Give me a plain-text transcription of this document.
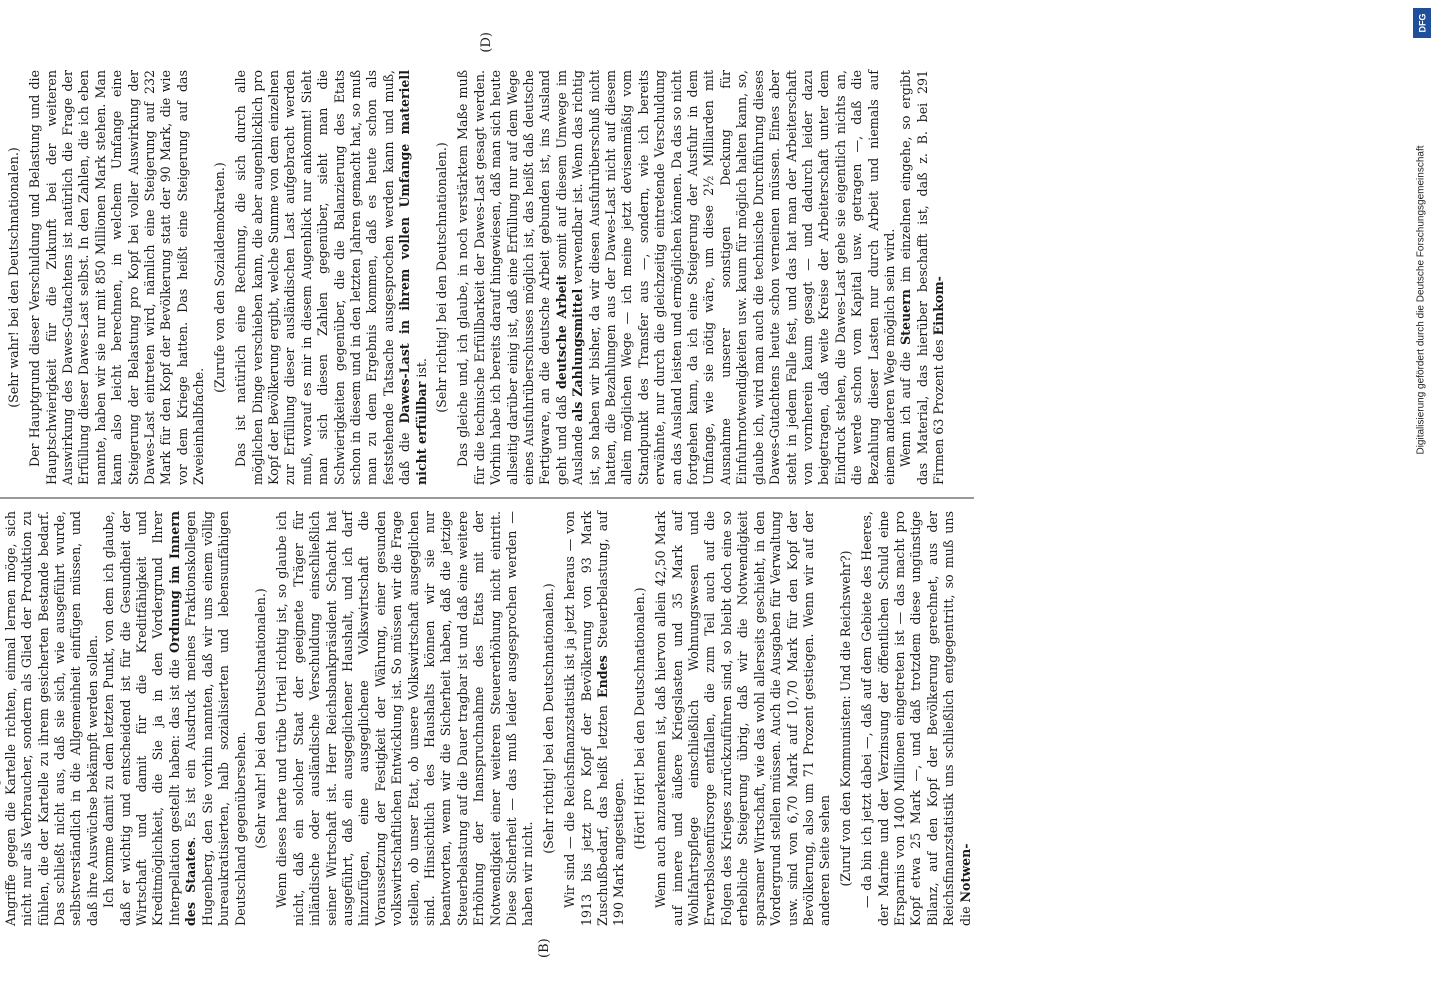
(B)
(D)

Angriffe gegen die Kartelle richten, einmal lernen möge, sich nicht nur als Verbraucher, sondern als Glied der Produktion zu fühlen, die der Kartelle zu ihrem gesicherten Bestande bedarf. Das schließt nicht aus, daß sie sich, wie ausgeführt wurde, selbstverständlich in die Allgemeinheit einfügen müssen, und daß ihre Auswüchse bekämpft werden sollen. Ich komme damit zu dem letzten Punkt, von dem ich glaube, daß er wichtig und entscheidend ist für die Gesundheit der Wirtschaft und damit für die Kreditfähigkeit und Kreditmöglichkeit, die Sie ja in den Vordergrund Ihrer Interpellation gestellt haben: das ist die Ordnung im Innern des Staates. Es ist ein Ausdruck meines Fraktionskollegen Hugenberg, den Sie vorhin nannten, daß wir uns einem völlig bureaukratisierten, halb sozialisierten und lebensunfähigen Deutschland gegenübersehen. (Sehr wahr! bei den Deutschnationalen.) Wenn dieses harte und trübe Urteil richtig ist, so glaube ich nicht, daß ein solcher Staat der geeignete Träger für inländische oder ausländische Verschuldung einschließlich seiner Wirtschaft ist. Herr Reichsbankpräsident Schacht hat ausgeführt, daß ein ausgeglichener Haushalt, und ich darf hinzufügen, eine ausgeglichene Volkswirtschaft die Voraussetzung der Festigkeit der Währung, einer gesunden volkswirtschaftlichen Entwicklung ist. So müssen wir die Frage stellen, ob unser Etat, ob unsere Volkswirtschaft ausgeglichen sind. Hinsichtlich des Haushalts können wir sie nur beantworten, wenn wir die Sicherheit haben, daß die jetzige Steuerbelastung auf die Dauer tragbar ist und daß eine weitere Erhöhung der Inanspruchnahme des Etats mit der Notwendigkeit einer weiteren Steuererhöhung nicht eintritt. Diese Sicherheit — das muß leider ausgesprochen werden — haben wir nicht.

(Sehr richtig! bei den Deutschnationalen.) Wir sind — die Reichsfinanzstatistik ist ja jetzt heraus — von 1913 bis jetzt pro Kopf der Bevölkerung von 93 Mark Zuschußbedarf, das heißt letzten Endes Steuerbelastung, auf 190 Mark angestiegen.

(Hört! Hört! bei den Deutschnationalen.) Wenn auch anzuerkennen ist, daß hiervon allein 42,50 Mark auf innere und äußere Kriegslasten und 35 Mark auf Wohlfahrtspflege einschließlich Wohnungswesen und Erwerbslosenfürsorge entfallen, die zum Teil auch auf die Folgen des Krieges zurückzuführen sind, so bleibt doch eine so erhebliche Steigerung übrig, daß wir die Notwendigkeit sparsamer Wirtschaft, wie das wohl allerseits geschieht, in den Vordergrund stellen müssen. Auch die Ausgaben für Verwaltung usw. sind von 6,70 Mark auf 10,70 Mark für den Kopf der Bevölkerung, also um 71 Prozent gestiegen. Wenn wir auf der anderen Seite sehen (Zuruf von den Kommunisten: Und die Reichswehr?) — da bin ich jetzt dabei —, daß auf dem Gebiete des Heeres, der Marine und der Verzinsung der öffentlichen Schuld eine Ersparnis von 1400 Millionen eingetreten ist — das macht pro Kopf etwa 25 Mark —, und daß trotzdem diese ungünstige Bilanz, auf den Kopf der Bevölkerung gerechnet, aus der Reichsfinanzstatistik uns schließlich entgegentritt, so muß uns die Notwen-

(Sehr wahr! bei den Deutschnationalen.) Der Hauptgrund dieser Verschuldung und Belastung und die Hauptschwierigkeit für die Zukunft bei der weiteren Auswirkung des Dawes-Gutachtens ist natürlich die Frage der Erfüllung dieser Dawes-Last selbst. In den Zahlen, die ich eben nannte, haben wir sie nur mit 850 Millionen Mark stehen. Man kann also leicht berechnen, in welchem Umfange eine Steigerung der Belastung pro Kopf bei voller Auswirkung der Dawes-Last eintreten wird, nämlich eine Steigerung auf 232 Mark für den Kopf der Bevölkerung statt der 90 Mark, die wie vor dem Kriege hatten. Das heißt eine Steigerung auf das Zweieinhalbfache.

(Zurufe von den Sozialdemokraten.) Das ist natürlich eine Rechnung, die sich durch alle möglichen Dinge verschieben kann, die aber augenblicklich pro Kopf der Bevölkerung ergibt, welche Summe von dem einzelnen zur Erfüllung dieser ausländischen Last aufgebracht werden muß, worauf es mir in diesem Augenblick nur ankommt! Sieht man sich diesen Zahlen gegenüber, sieht man die Schwierigkeiten gegenüber, die die Balanzierung des Etats schon in diesem und in den letzten Jahren gemacht hat, so muß man zu dem Ergebnis kommen, daß es heute schon als feststehende Tatsache ausgesprochen werden kann und muß, daß die Dawes-Last in ihrem vollen Umfange materiell nicht erfüllbar ist. (Sehr richtig! bei den Deutschnationalen.) Das gleiche und, ich glaube, in noch verstärktem Maße muß für die technische Erfüllbarkeit der Dawes-Last gesagt werden. Vorhin habe ich bereits darauf hingewiesen, daß man sich heute allseitig darüber einig ist, daß eine Erfüllung nur auf dem Wege eines Ausfuhrüberschusses möglich ist, das heißt daß deutsche Fertigware, an die deutsche Arbeit gebunden ist, ins Ausland geht und daß deutsche Arbeit somit auf diesem Umwege im Auslande als Zahlungsmittel verwendbar ist. Wenn das richtig ist, so haben wir bisher, da wir diesen Ausfuhrüberschuß nicht hatten, die Bezahlungen aus der Dawes-Last nicht auf diesem allein möglichen Wege — ich meine jetzt devisenmäßig vom Standpunkt des Transfer aus —, sondern, wie ich bereits erwähnte, nur durch die gleichzeitig eintretende Verschuldung an das Ausland leisten und ermöglichen können. Da das so nicht fortgehen kann, da ich eine Steigerung der Ausfuhr in dem Umfange, wie sie nötig wäre, um diese 2½ Milliarden mit Ausnahme unserer sonstigen Deckung für Einfuhrnotwendigkeiten usw. kaum für möglich halten kann, so, glaube ich, wird man auch die technische Durchführung dieses Dawes-Gutachtens heute schon verneinen müssen. Eines aber steht in jedem Falle fest, und das hat man der Arbeiterschaft von vornherein kaum gesagt — und dadurch leider dazu beigetragen, daß weite Kreise der Arbeiterschaft unter dem Eindruck stehen, die Dawes-Last gehe sie eigentlich nichts an, die werde schon vom Kapital usw. getragen —, daß die Bezahlung dieser Lasten nur durch Arbeit und niemals auf einem anderen Wege möglich sein wird. Wenn ich auf die Steuern im einzelnen eingehe, so ergibt das Material, das hierüber beschafft ist, daß z. B. bei 291 Firmen 63 Prozent des Einkom-

DFG
Digitalisierung gefördert durch die Deutsche Forschungsgemeinschaft
